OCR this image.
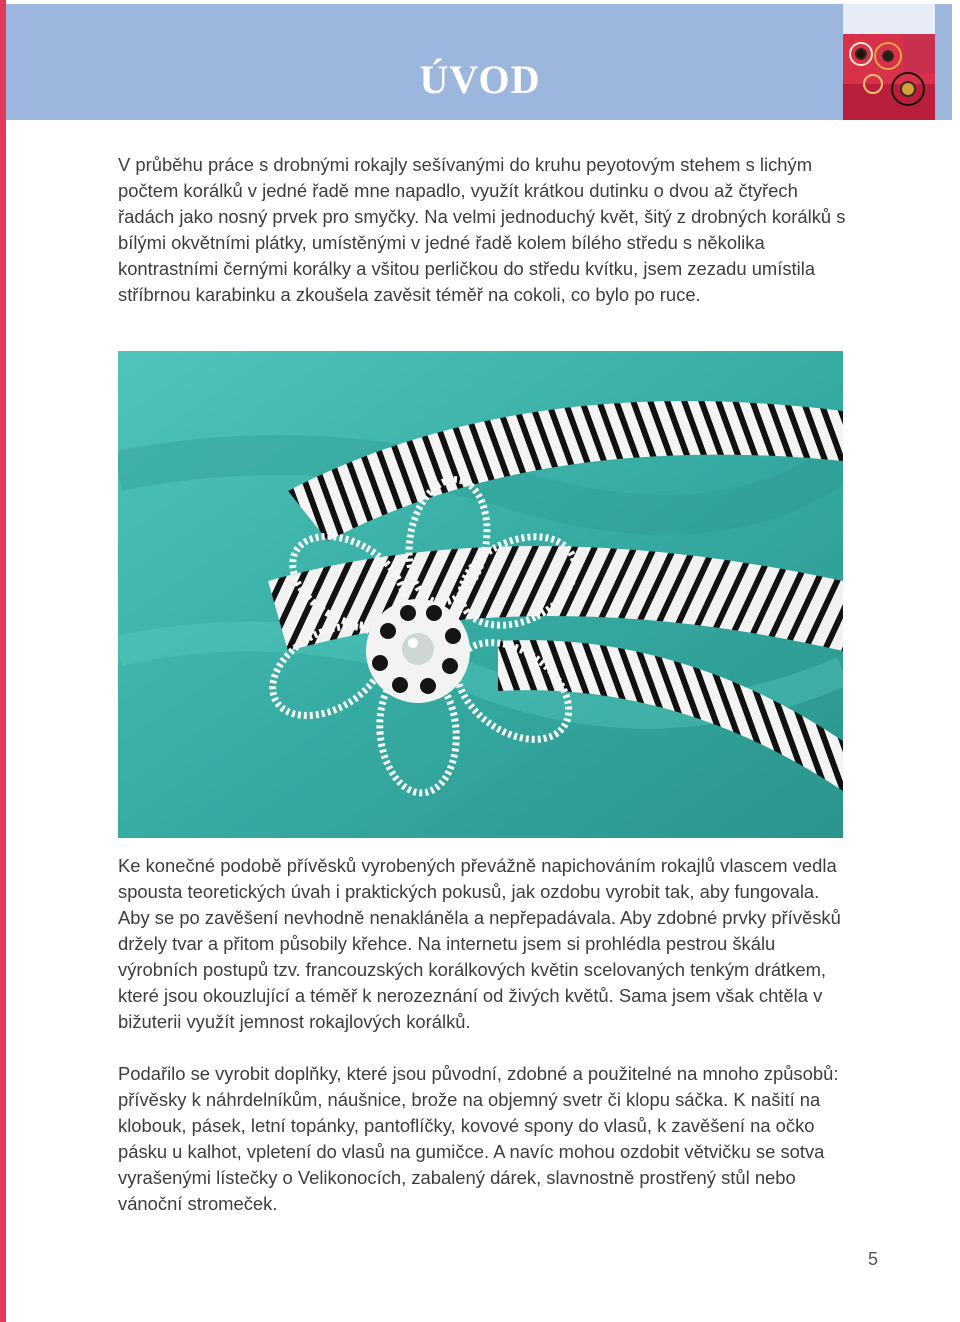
ÚVOD

V průběhu práce s drobnými rokajly sešívanými do kruhu peyotovým stehem s lichým počtem korálků v jedné řadě mne napadlo, využít krátkou dutinku o dvou až čtyřech řadách jako nosný prvek pro smyčky. Na velmi jednoduchý květ, šitý z drobných korálků s bílými okvětními plátky, umístěnými v jedné řadě kolem bílého středu s několika kontrastními černými korálky a všitou perličkou do středu kvítku, jsem zezadu umístila stříbrnou karabinku a zkoušela zavěsit téměř na cokoli, co bylo po ruce.

Ke konečné podobě přívěsků vyrobených převážně napichováním rokajlů vlascem vedla spousta teoretických úvah i praktických pokusů, jak ozdobu vyrobit tak, aby fungovala. Aby se po zavěšení nevhodně nenakláněla a nepřepadávala. Aby zdobné prvky přívěsků držely tvar a přitom působily křehce. Na internetu jsem si prohlédla pestrou škálu výrobních postupů tzv. francouzských korálkových květin scelovaných tenkým drátkem, které jsou okouzlující a téměř k nerozeznání od živých květů. Sama jsem však chtěla v bižuterii využít jemnost rokajlových korálků.

Podařilo se vyrobit doplňky, které jsou původní, zdobné a použitelné na mnoho způsobů: přívěsky k náhrdelníkům, náušnice, brože na objemný svetr či klopu sáčka. K našití na klobouk, pásek, letní topánky, pantoflíčky, kovové spony do vlasů, k zavěšení na očko pásku u kalhot, vpletení do vlasů na gumičce. A navíc mohou ozdobit větvičku se sotva vyrašenými lístečky o Velikonocích, zabalený dárek, slavnostně prostřený stůl nebo vánoční stromeček.

5
